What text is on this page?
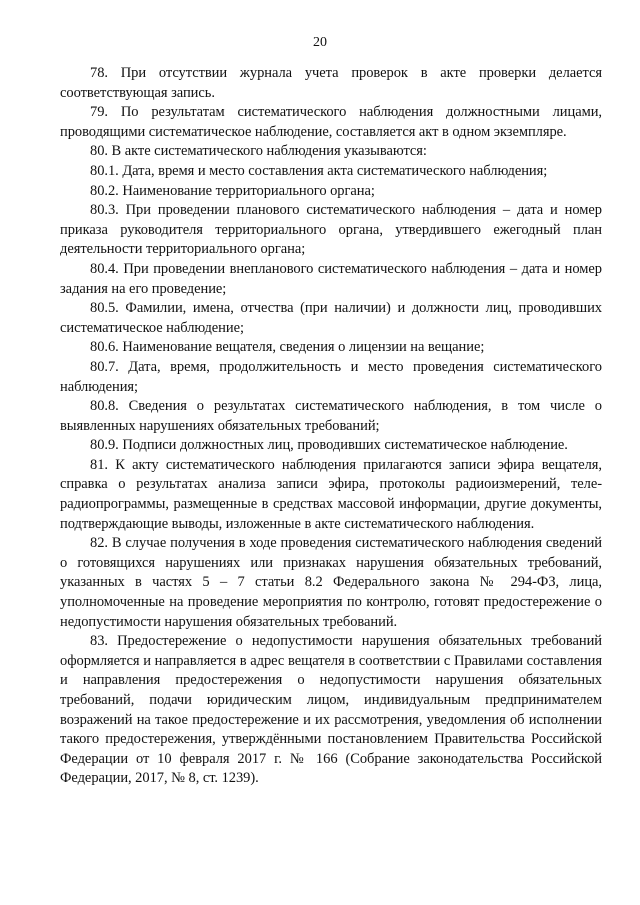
20

78. При отсутствии журнала учета проверок в акте проверки делается соответствующая запись.

79. По результатам систематического наблюдения должностными лицами, проводящими систематическое наблюдение, составляется акт в одном экземпляре.

80. В акте систематического наблюдения указываются:

80.1. Дата, время и место составления акта систематического наблюдения;

80.2. Наименование территориального органа;

80.3. При проведении планового систематического наблюдения – дата и номер приказа руководителя территориального органа, утвердившего ежегодный план деятельности территориального органа;

80.4. При проведении внепланового систематического наблюдения – дата и номер задания на его проведение;

80.5. Фамилии, имена, отчества (при наличии) и должности лиц, проводивших систематическое наблюдение;

80.6. Наименование вещателя, сведения о лицензии на вещание;

80.7. Дата, время, продолжительность и место проведения систематического наблюдения;

80.8. Сведения о результатах систематического наблюдения, в том числе о выявленных нарушениях обязательных требований;

80.9. Подписи должностных лиц, проводивших систематическое наблюдение.

81. К акту систематического наблюдения прилагаются записи эфира вещателя, справка о результатах анализа записи эфира, протоколы радиоизмерений, теле-радиопрограммы, размещенные в средствах массовой информации, другие документы, подтверждающие выводы, изложенные в акте систематического наблюдения.

82. В случае получения в ходе проведения систематического наблюдения сведений о готовящихся нарушениях или признаках нарушения обязательных требований, указанных в частях 5 – 7 статьи 8.2 Федерального закона № 294-ФЗ, лица, уполномоченные на проведение мероприятия по контролю, готовят предостережение о недопустимости нарушения обязательных требований.

83. Предостережение о недопустимости нарушения обязательных требований оформляется и направляется в адрес вещателя в соответствии с Правилами составления и направления предостережения о недопустимости нарушения обязательных требований, подачи юридическим лицом, индивидуальным предпринимателем возражений на такое предостережение и их рассмотрения, уведомления об исполнении такого предостережения, утверждёнными постановлением Правительства Российской Федерации от 10 февраля 2017 г. № 166 (Собрание законодательства Российской Федерации, 2017, № 8, ст. 1239).
